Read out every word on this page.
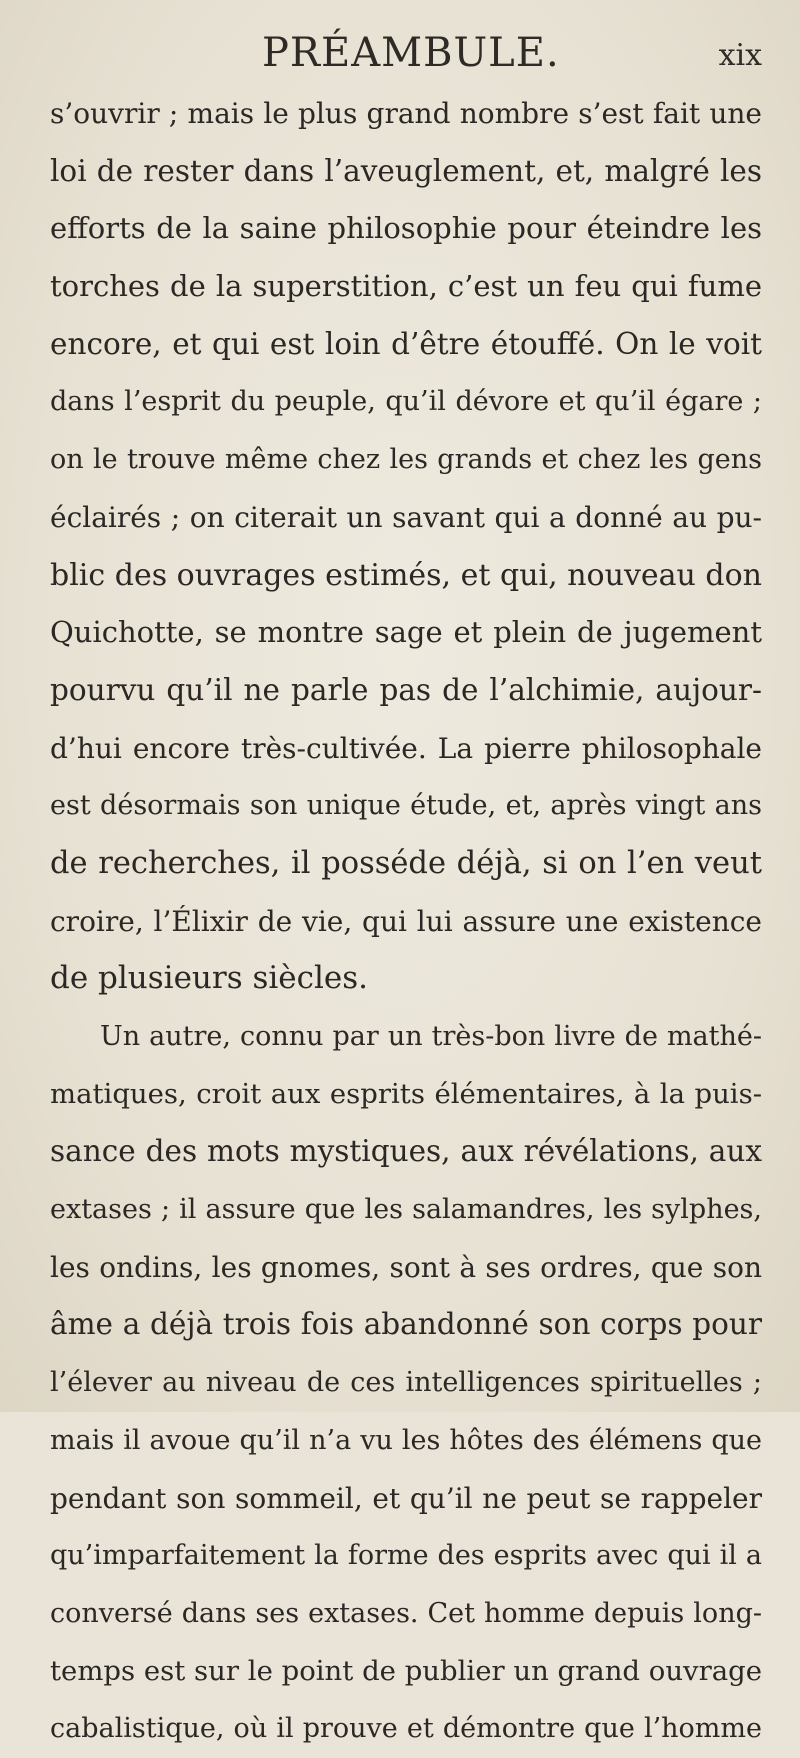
PRÉAMBULE.	xix
s’ouvrir ; mais le plus grand nombre s’est fait une
loi de rester dans l’aveuglement, et, malgré les
efforts de la saine philosophie pour éteindre les
torches de la superstition, c’est un feu qui fume
encore, et qui est loin d’être étouffé. On le voit
dans l’esprit du peuple, qu’il dévore et qu’il égare ;
on le trouve même chez les grands et chez les gens
éclairés ; on citerait un savant qui a donné au pu-
blic des ouvrages estimés, et qui, nouveau don
Quichotte, se montre sage et plein de jugement
pourvu qu’il ne parle pas de l’alchimie, aujour-
d’hui encore très-cultivée. La pierre philosophale
est désormais son unique étude, et, après vingt ans
de recherches, il posséde déjà, si on l’en veut
croire, l’Élixir de vie, qui lui assure une existence
de plusieurs siècles.
Un autre, connu par un très-bon livre de mathé-
matiques, croit aux esprits élémentaires, à la puis-
sance des mots mystiques, aux révélations, aux
extases ; il assure que les salamandres, les sylphes,
les ondins, les gnomes, sont à ses ordres, que son
âme a déjà trois fois abandonné son corps pour
l’élever au niveau de ces intelligences spirituelles ;
mais il avoue qu’il n’a vu les hôtes des élémens que
pendant son sommeil, et qu’il ne peut se rappeler
qu’imparfaitement la forme des esprits avec qui il a
conversé dans ses extases. Cet homme depuis long-
temps est sur le point de publier un grand ouvrage
cabalistique, où il prouve et démontre que l’homme
